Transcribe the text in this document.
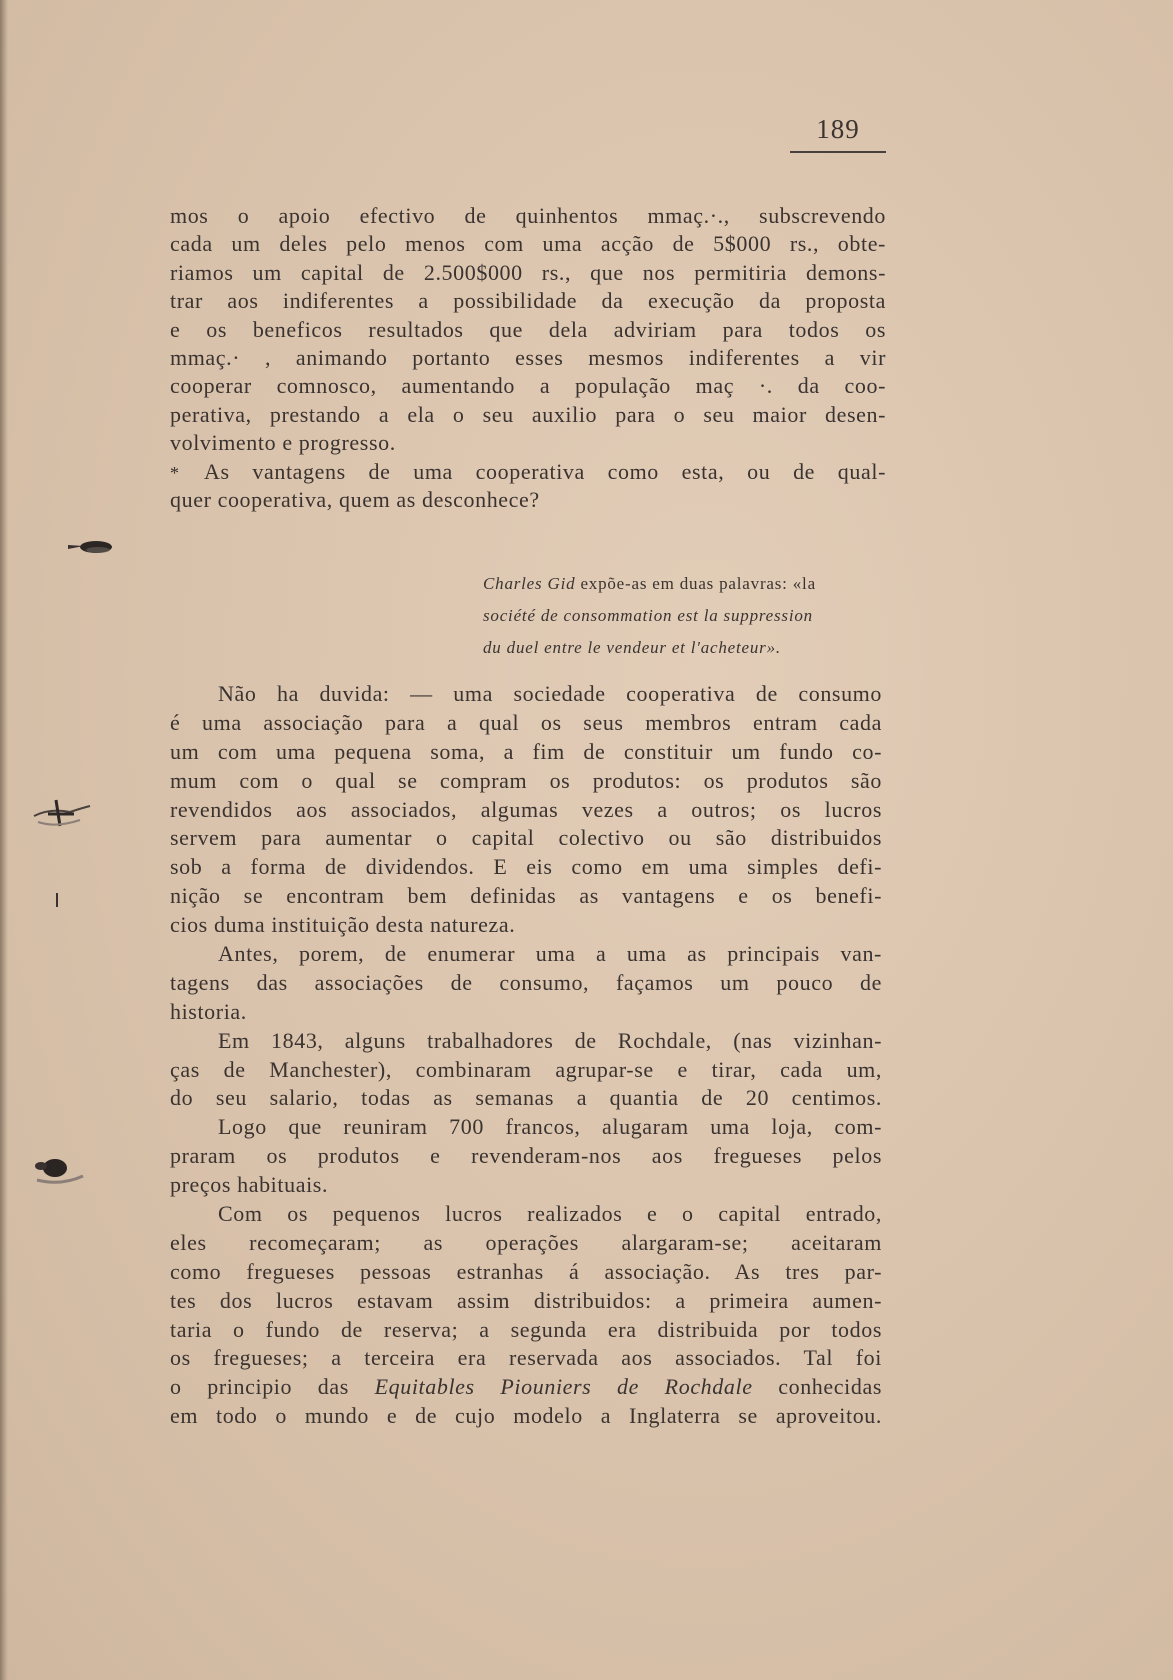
189
mos o apoio efectivo de quinhentos mmaç.·., subscrevendo
cada um deles pelo menos com uma acção de 5$000 rs., obte-
riamos um capital de 2.500$000 rs., que nos permitiria demons-
trar aos indiferentes a possibilidade da execução da proposta
e os beneficos resultados que dela adviriam para todos os
mmaç.· , animando portanto esses mesmos indiferentes a vir
cooperar comnosco, aumentando a população maç ·. da coo-
perativa, prestando a ela o seu auxilio para o seu maior desen-
volvimento e progresso.
* As vantagens de uma cooperativa como esta, ou de qual-
quer cooperativa, quem as desconhece?
Charles Gid expõe-as em duas palavras: «la
société de consommation est la suppression
du duel entre le vendeur et l'acheteur».
Não ha duvida: — uma sociedade cooperativa de consumo
é uma associação para a qual os seus membros entram cada
um com uma pequena soma, a fim de constituir um fundo co-
mum com o qual se compram os produtos: os produtos são
revendidos aos associados, algumas vezes a outros; os lucros
servem para aumentar o capital colectivo ou são distribuidos
sob a forma de dividendos. E eis como em uma simples defi-
nição se encontram bem definidas as vantagens e os benefi-
cios duma instituição desta natureza.
Antes, porem, de enumerar uma a uma as principais van-
tagens das associações de consumo, façamos um pouco de
historia.
Em 1843, alguns trabalhadores de Rochdale, (nas vizinhan-
ças de Manchester), combinaram agrupar-se e tirar, cada um,
do seu salario, todas as semanas a quantia de 20 centimos.
Logo que reuniram 700 francos, alugaram uma loja, com-
praram os produtos e revenderam-nos aos fregueses pelos
preços habituais.
Com os pequenos lucros realizados e o capital entrado,
eles recomeçaram; as operações alargaram-se; aceitaram
como fregueses pessoas estranhas á associação. As tres par-
tes dos lucros estavam assim distribuidos: a primeira aumen-
taria o fundo de reserva; a segunda era distribuida por todos
os fregueses; a terceira era reservada aos associados. Tal foi
o principio das Equitables Piouniers de Rochdale conhecidas
em todo o mundo e de cujo modelo a Inglaterra se aproveitou.
